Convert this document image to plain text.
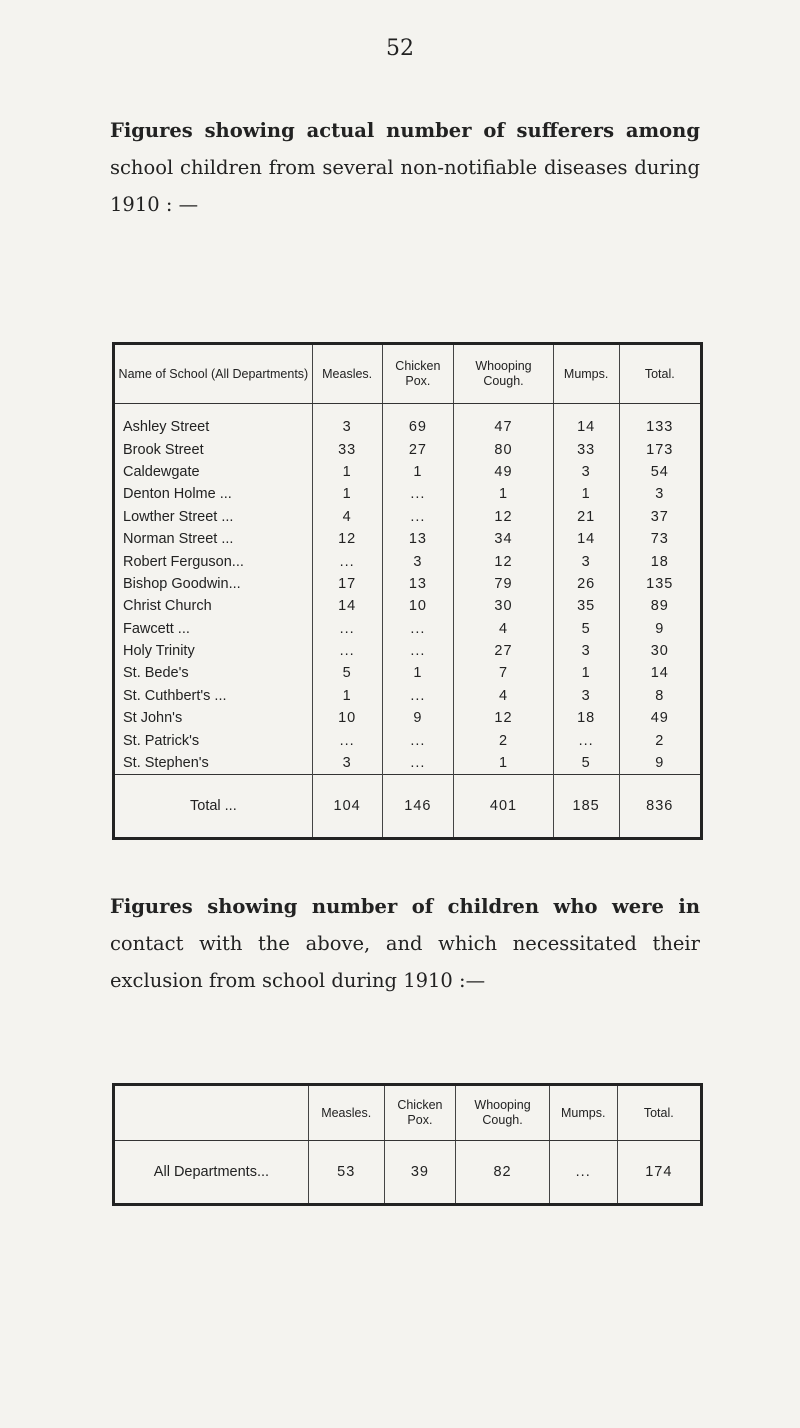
52
Figures showing actual number of sufferers among school children from several non-notifiable diseases during 1910 : —
Name of School (All Departments)	Measles.	Chicken Pox.	Whooping Cough.	Mumps.	Total.
Ashley Street	3	69	47	14	133
Brook Street	33	27	80	33	173
Caldewgate	1	1	49	3	54
Denton Holme ...	1	...	1	1	3
Lowther Street ...	4	...	12	21	37
Norman Street ...	12	13	34	14	73
Robert Ferguson...	...	3	12	3	18
Bishop Goodwin...	17	13	79	26	135
Christ Church	14	10	30	35	89
Fawcett ...	...	...	4	5	9
Holy Trinity	...	...	27	3	30
St. Bede's	5	1	7	1	14
St. Cuthbert's ...	1	...	4	3	8
St John's	10	9	12	18	49
St. Patrick's	...	...	2	...	2
St. Stephen's	3	...	1	5	9
Total ...	104	146	401	185	836
Figures showing number of children who were in contact with the above, and which necessitated their exclusion from school during 1910 :—
	Measles.	Chicken Pox.	Whooping Cough.	Mumps.	Total.
All Departments...	53	39	82	...	174
